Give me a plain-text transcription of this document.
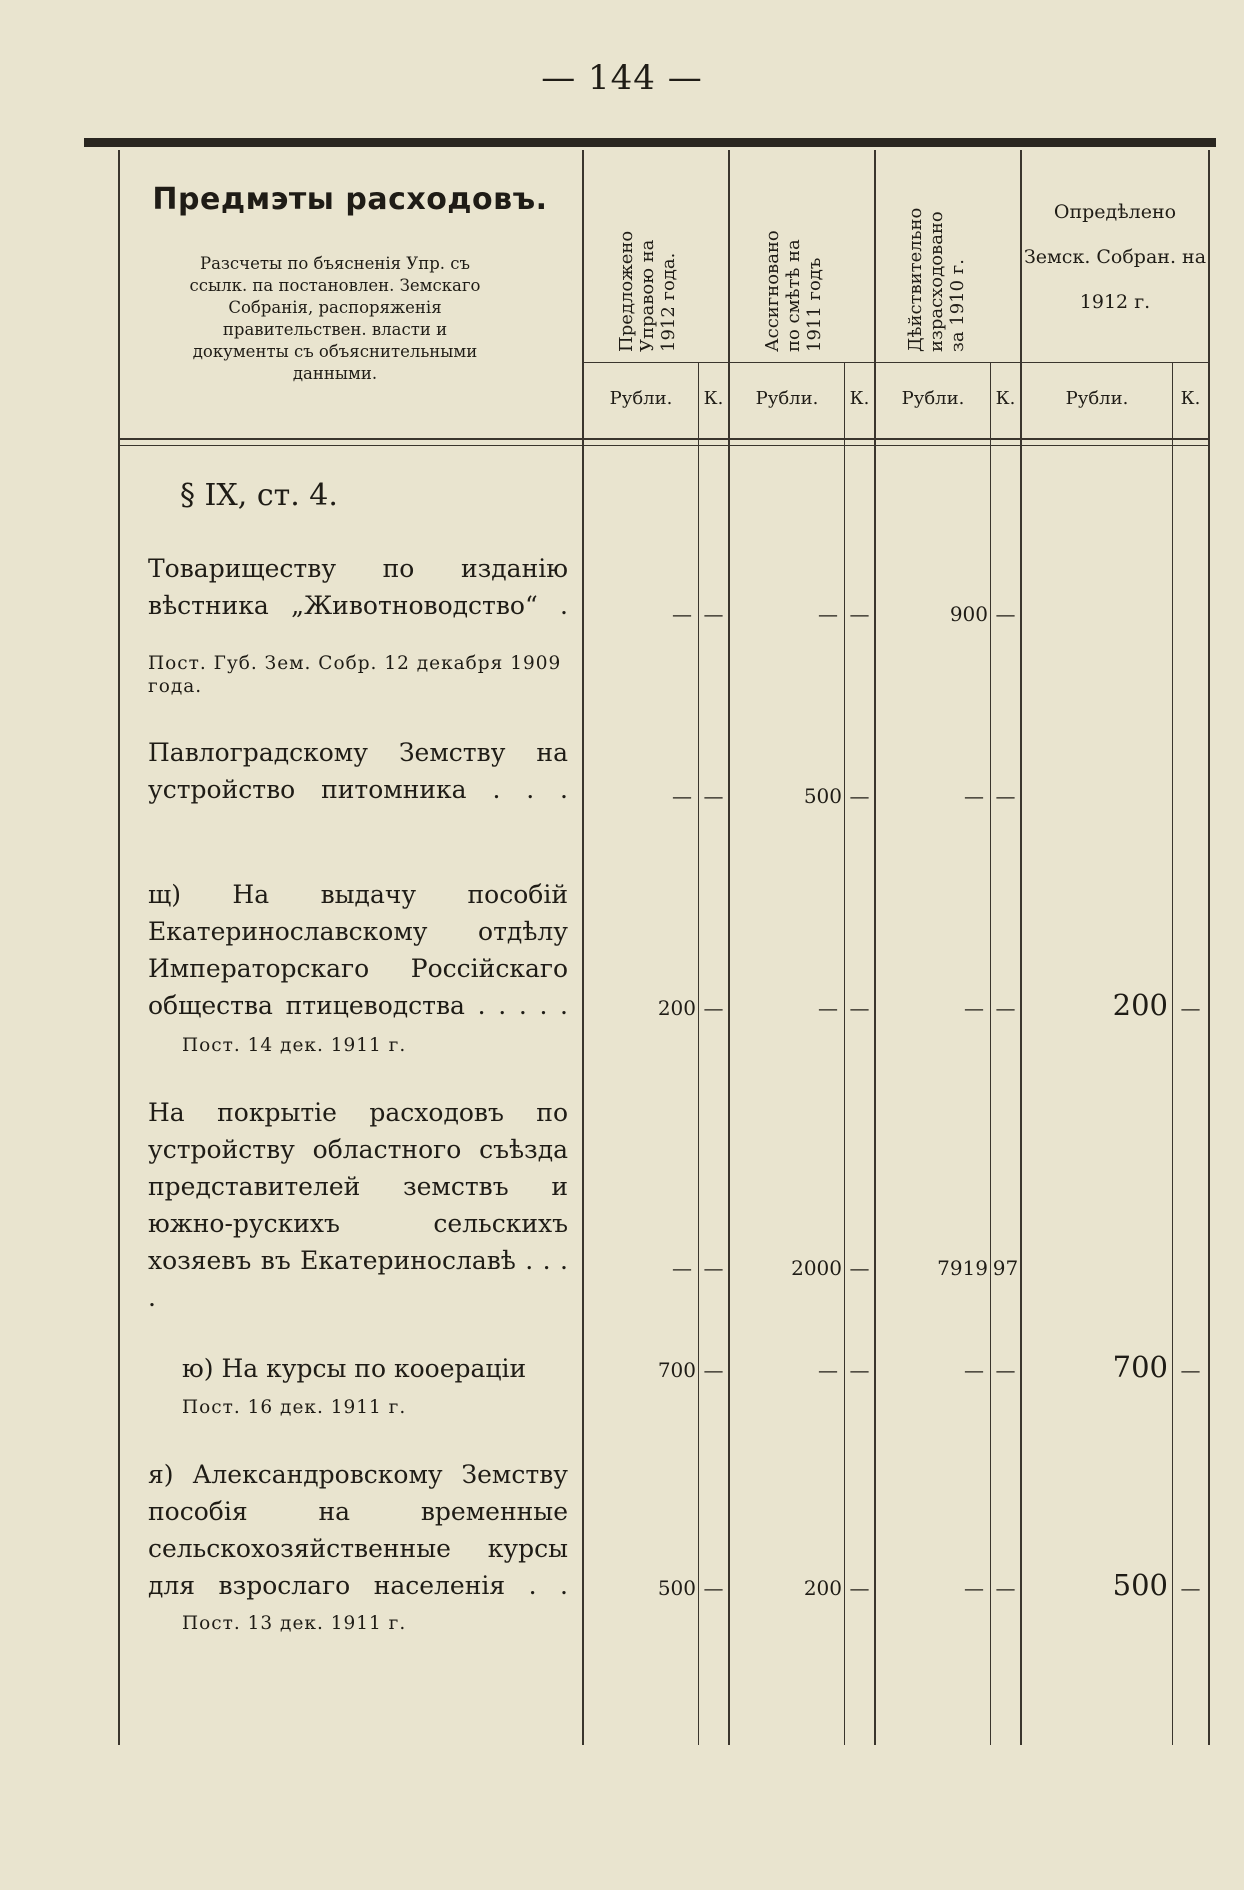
— 144 —
Предмэты расходовъ.
Разсчеты по бъясненія Упр. съ ссылк. па постановлен. Земскаго Собранія, распоряженія правительствен. власти и документы съ объяснительными данными.
Предложено
Управою на
1912 года.	Ассигновано
по смѣтѣ на
1911 годъ	Дѣйствительно
израсходовано
за 1910 г.
Опредѣлено Земск. Собран. на 1912 г.
Рубли.	К.	Рубли.	К.	Рубли.	К.	Рубли.	К.
§ IX, ст. 4.
Товариществу по изданію вѣстника „Животноводство“ .
Пост. Губ. Зем. Собр. 12 декабря 1909 года.
— —	— —	900 —
Павлоградскому Земству на устройство питомника . . .	— —	500 —	— —
щ) На выдачу пособій Екатеринославскому отдѣлу Императорскаго Россійскаго общества птицеводства . . . . .
Пост. 14 дек. 1911 г.
200 —	— —	— —	200 —
На покрытіе расходовъ по устройству областного съѣзда представителей земствъ и южно-рускихъ сельскихъ хозяевъ въ Екатеринославѣ . . . .
— —	2000 —	7919 97
ю) На курсы по кооераціи
Пост. 16 дек. 1911 г.
700 —	— —	— —	700 —
я) Александровскому Земству пособія на временные сельскохозяйственные курсы для взрослаго населенія . .
Пост. 13 дек. 1911 г.
500 —	200 —	— —	500 —
